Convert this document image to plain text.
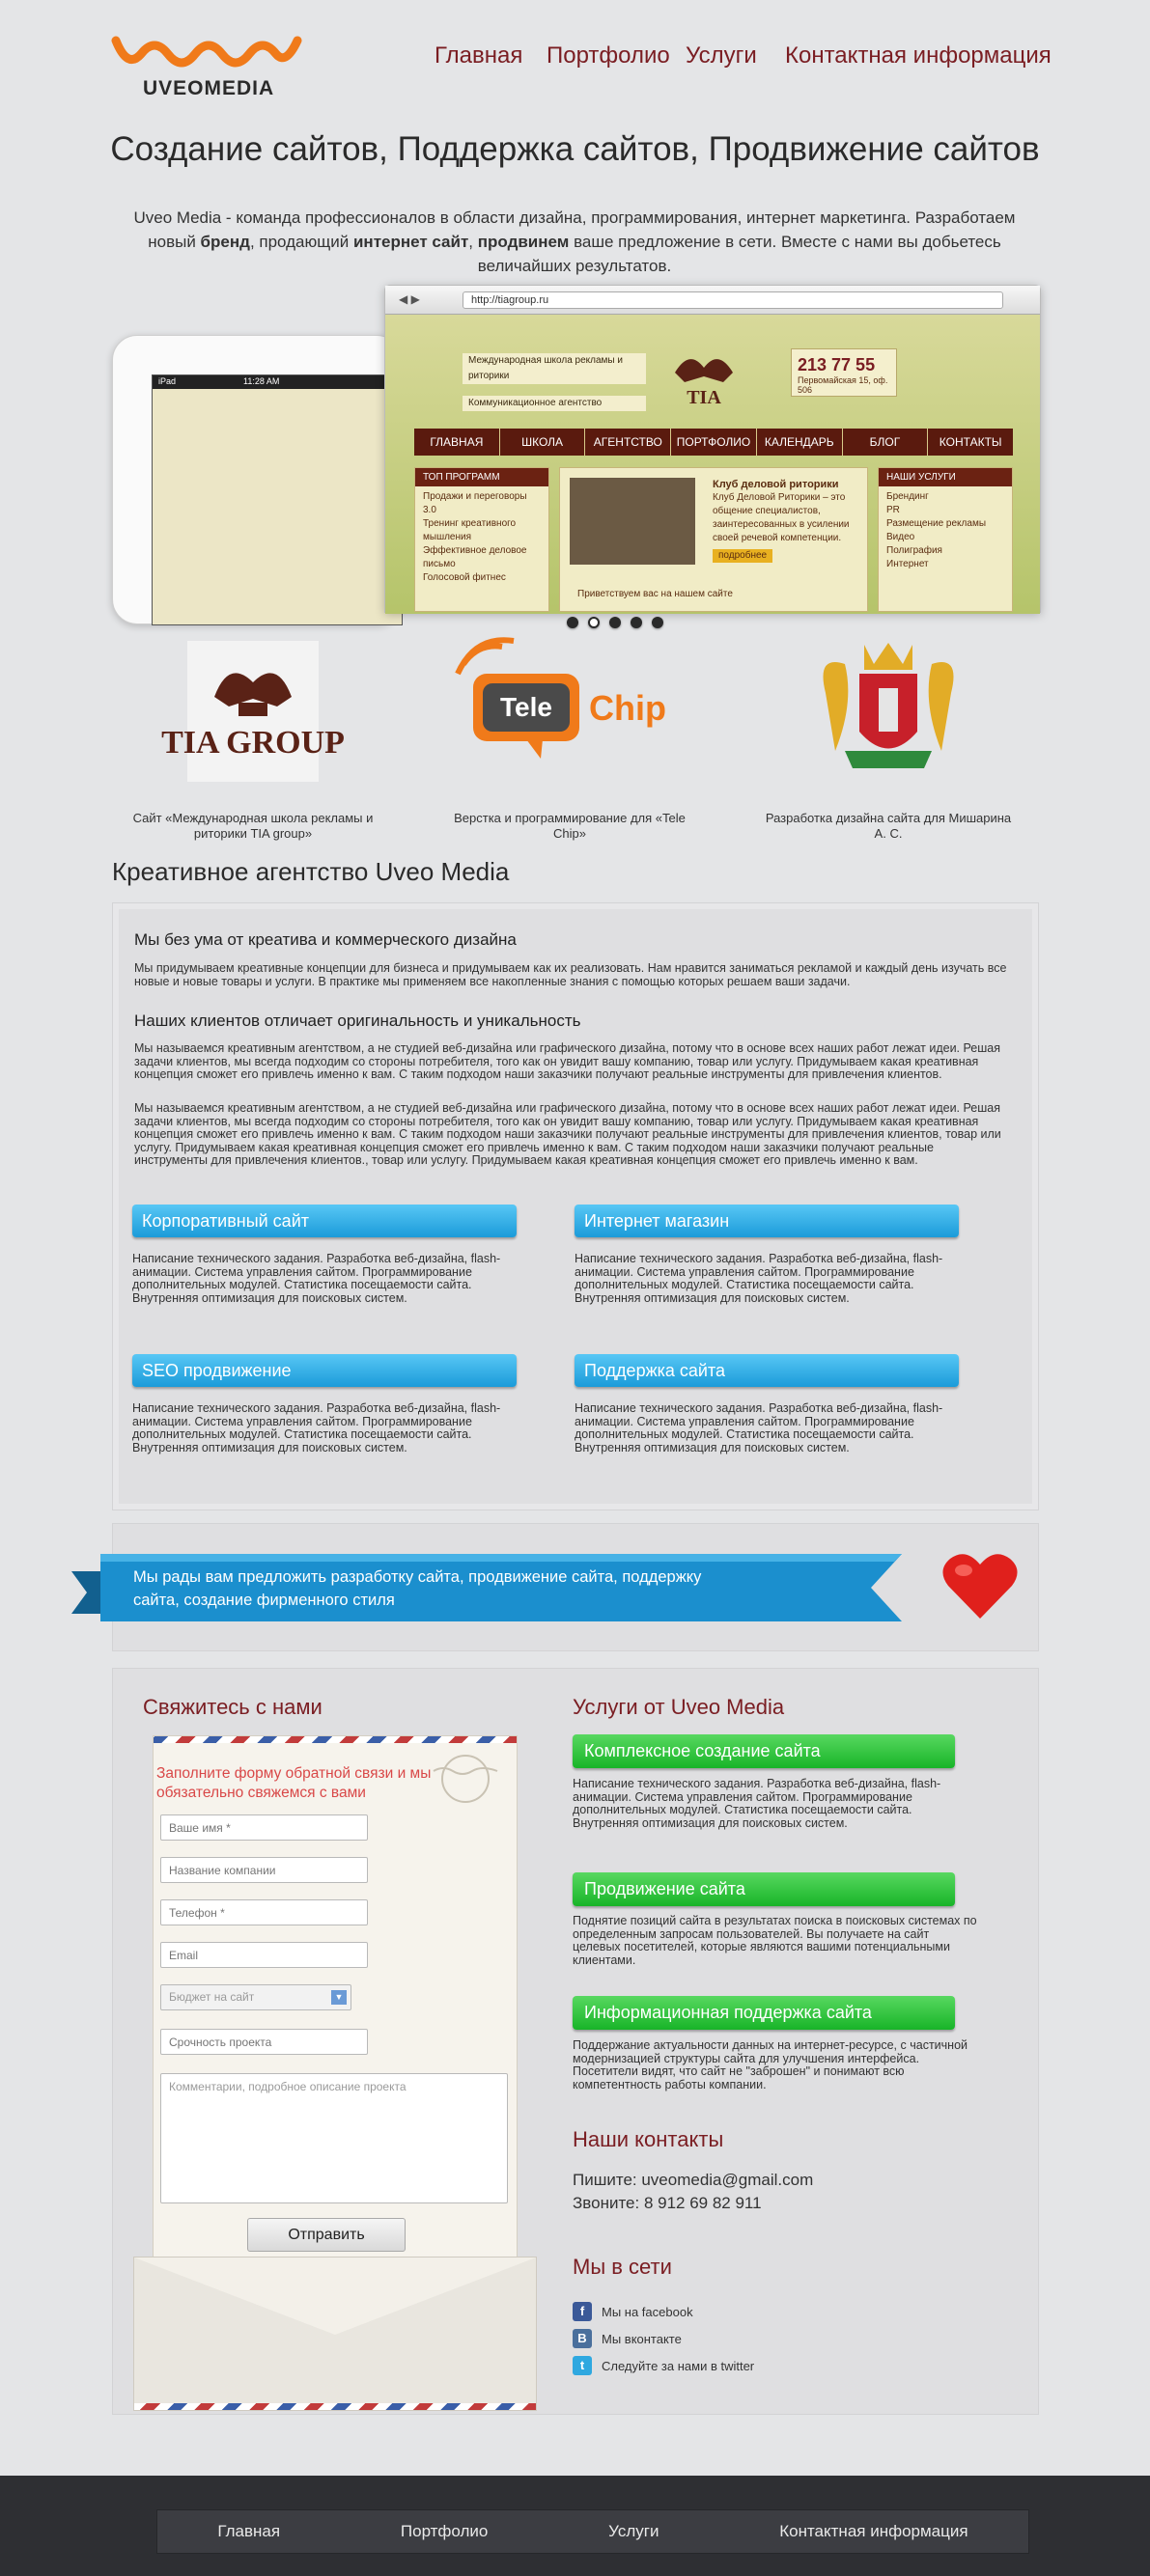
UVEOMEDIA
Главная Портфолио Услуги Контактная информация
Создание сайтов, Поддержка сайтов, Продвижение сайтов
Uveo Media - команда профессионалов в области дизайна, программирования, интернет маркетинга. Разработаем новый бренд, продающий интернет сайт, продвинем ваше предложение в сети. Вместе с нами вы добьетесь величайших результатов.
iPad	11:28 AM
◀ ▶	http://tiagroup.ru
Международная школа рекламы и риторики
Коммуникационное агентство	TIA
213 77 55
Первомайская 15, оф. 506
ГЛАВНАЯ	ШКОЛА	АГЕНТСТВО	ПОРТФОЛИО	КАЛЕНДАРЬ	БЛОГ	КОНТАКТЫ
ТОП ПРОГРАММ
Продажи и переговоры 3.0
Тренинг креативного мышления
Эффективное деловое письмо
Голосовой фитнес
Клуб деловой риторики
Клуб Деловой Риторики – это общение специалистов, заинтересованных в усилении своей речевой компетенции.
подробнее
Приветствуем вас на нашем сайте
НАШИ УСЛУГИ
Брендинг
PR
Размещение рекламы
Видео
Полиграфия
Интернет
TIA GROUP
Сайт «Международная школа рекламы и риторики TIA group»
Tele Chip
Верстка и программирование для «Tele Chip»
Разработка дизайна сайта для Мишарина А. С.
Креативное агентство Uveo Media
Мы без ума от креатива и коммерческого дизайна
Мы придумываем креативные концепции для бизнеса и придумываем как их реализовать. Нам нравится заниматься рекламой и каждый день изучать все новые и новые товары и услуги. В практике мы применяем все накопленные знания с помощью которых решаем ваши задачи.
Наших клиентов отличает оригинальность и уникальность
Мы называемся креативным агентством, а не студией веб-дизайна или графического дизайна, потому что в основе всех наших работ лежат идеи. Решая задачи клиентов, мы всегда подходим со стороны потребителя, того как он увидит вашу компанию, товар или услугу. Придумываем какая креативная концепция сможет его привлечь именно к вам. С таким подходом наши заказчики получают реальные инструменты для привлечения клиентов.
Мы называемся креативным агентством, а не студией веб-дизайна или графического дизайна, потому что в основе всех наших работ лежат идеи. Решая задачи клиентов, мы всегда подходим со стороны потребителя, того как он увидит вашу компанию, товар или услугу. Придумываем какая креативная концепция сможет его привлечь именно к вам. С таким подходом наши заказчики получают реальные инструменты для привлечения клиентов, товар или услугу. Придумываем какая креативная концепция сможет его привлечь именно к вам. С таким подходом наши заказчики получают реальные инструменты для привлечения клиентов., товар или услугу. Придумываем какая креативная концепция сможет его привлечь именно к вам.
Корпоративный сайт
Написание технического задания. Разработка веб-дизайна, flash-анимации. Система управления сайтом. Программирование дополнительных модулей. Статистика посещаемости сайта. Внутренняя оптимизация для поисковых систем.
Интернет магазин
Написание технического задания. Разработка веб-дизайна, flash-анимации. Система управления сайтом. Программирование дополнительных модулей. Статистика посещаемости сайта. Внутренняя оптимизация для поисковых систем.
SEO продвижение
Написание технического задания. Разработка веб-дизайна, flash-анимации. Система управления сайтом. Программирование дополнительных модулей. Статистика посещаемости сайта. Внутренняя оптимизация для поисковых систем.
Поддержка сайта
Написание технического задания. Разработка веб-дизайна, flash-анимации. Система управления сайтом. Программирование дополнительных модулей. Статистика посещаемости сайта. Внутренняя оптимизация для поисковых систем.
Мы рады вам предложить разработку сайта, продвижение сайта, поддержку сайта, создание фирменного стиля
Свяжитесь с нами
Заполните форму обратной связи и мы обязательно свяжемся с вами
Ваше имя *
Название компании
Телефон *
Email
Бюджет на сайт	▼
Срочность проекта
Комментарии, подробное описание проекта
Отправить
Услуги от Uveo Media
Комплексное создание сайта
Написание технического задания. Разработка веб-дизайна, flash-анимации. Система управления сайтом. Программирование дополнительных модулей. Статистика посещаемости сайта. Внутренняя оптимизация для поисковых систем.
Продвижение сайта
Поднятие позиций сайта в результатах поиска в поисковых системах по определенным запросам пользователей. Вы получаете на сайт целевых посетителей, которые являются вашими потенциальными клиентами.
Информационная поддержка сайта
Поддержание актуальности данных на интернет-ресурсе, с частичной модернизацией структуры сайта для улучшения интерфейса. Посетители видят, что сайт не "заброшен" и понимают всю компетентность работы компании.
Наши контакты
Пишите: uveomedia@gmail.com
Звоните: 8 912 69 82 911
Мы в сети
f	Мы на facebook
B	Мы вконтакте
t	Следуйте за нами в twitter
Главная	Портфолио	Услуги	Контактная информация
